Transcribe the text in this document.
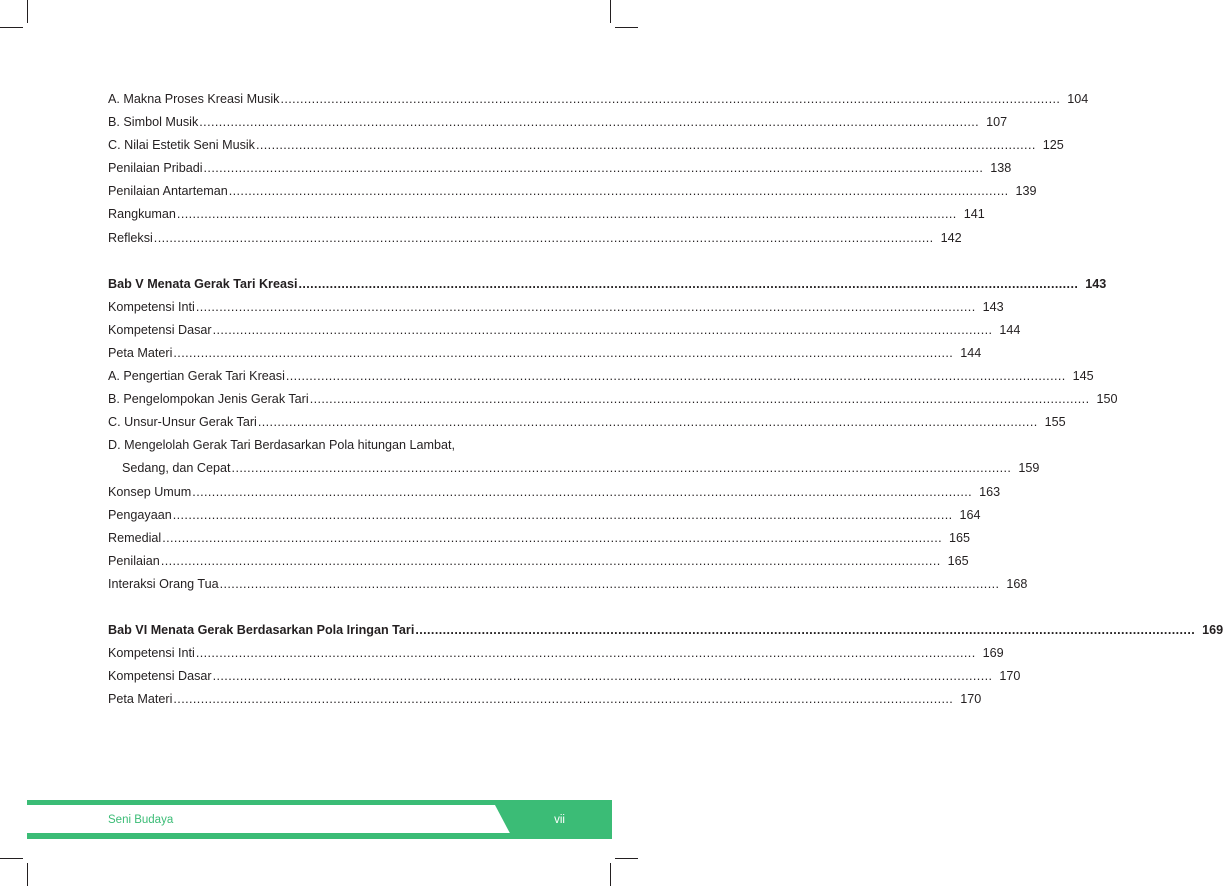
A. Makna Proses Kreasi Musik ........................................................................................................................................................................................................ 104
B. Simbol Musik ........................................................................................................................................................................................................ 107
C. Nilai Estetik Seni Musik ........................................................................................................................................................................................................ 125
Penilaian Pribadi ........................................................................................................................................................................................................ 138
Penilaian Antarteman ........................................................................................................................................................................................................ 139
Rangkuman ........................................................................................................................................................................................................ 141
Refleksi ........................................................................................................................................................................................................ 142
Bab V Menata Gerak Tari Kreasi ........................................................................................................................................................................................................ 143
Kompetensi Inti ........................................................................................................................................................................................................ 143
Kompetensi Dasar ........................................................................................................................................................................................................ 144
Peta Materi ........................................................................................................................................................................................................ 144
A. Pengertian Gerak Tari Kreasi ........................................................................................................................................................................................................ 145
B. Pengelompokan Jenis Gerak Tari ........................................................................................................................................................................................................ 150
C. Unsur-Unsur Gerak Tari ........................................................................................................................................................................................................ 155
D. Mengelolah Gerak Tari Berdasarkan Pola hitungan Lambat,
Sedang, dan Cepat ........................................................................................................................................................................................................ 159
Konsep Umum ........................................................................................................................................................................................................ 163
Pengayaan ........................................................................................................................................................................................................ 164
Remedial ........................................................................................................................................................................................................ 165
Penilaian ........................................................................................................................................................................................................ 165
Interaksi Orang Tua ........................................................................................................................................................................................................ 168
Bab VI Menata Gerak Berdasarkan Pola Iringan Tari ........................................................................................................................................................................................................ 169
Kompetensi Inti ........................................................................................................................................................................................................ 169
Kompetensi Dasar ........................................................................................................................................................................................................ 170
Peta Materi ........................................................................................................................................................................................................ 170
Seni Budaya	vii
